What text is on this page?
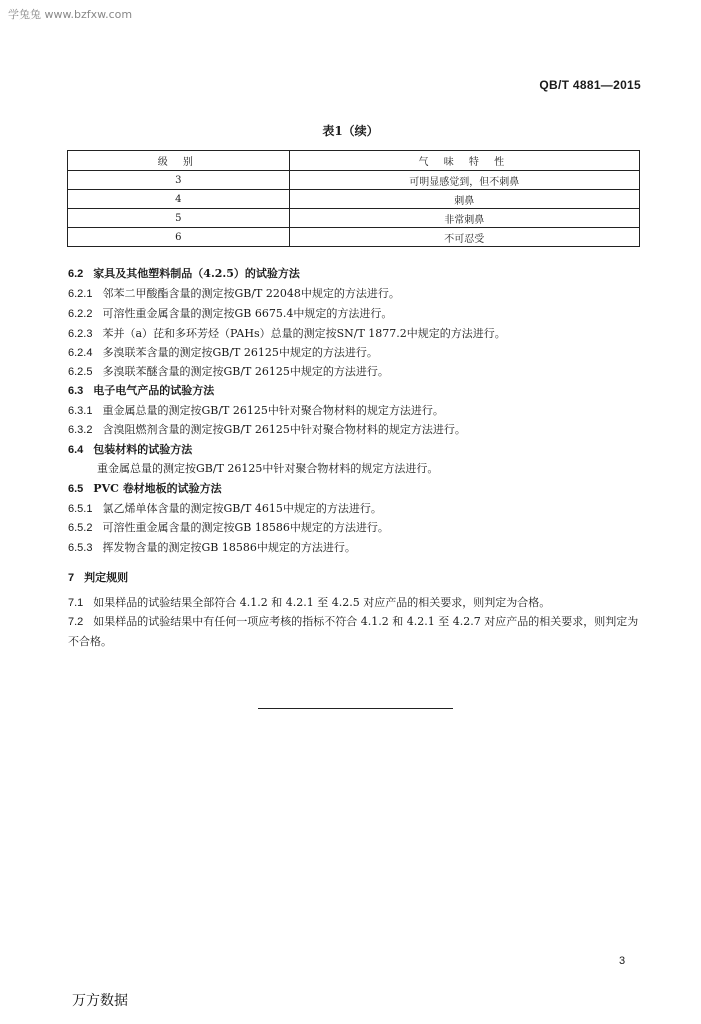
学兔兔 www.bzfxw.com
QB/T 4881—2015
表1（续）
级 别	气 味 特 性
3	可明显感觉到，但不刺鼻
4	刺鼻
5	非常刺鼻
6	不可忍受
6.2 家具及其他塑料制品（4.2.5）的试验方法
6.2.1 邻苯二甲酸酯含量的测定按GB/T 22048中规定的方法进行。
6.2.2 可溶性重金属含量的测定按GB 6675.4中规定的方法进行。
6.2.3 苯并（a）芘和多环芳烃（PAHs）总量的测定按SN/T 1877.2中规定的方法进行。
6.2.4 多溴联苯含量的测定按GB/T 26125中规定的方法进行。
6.2.5 多溴联苯醚含量的测定按GB/T 26125中规定的方法进行。
6.3 电子电气产品的试验方法
6.3.1 重金属总量的测定按GB/T 26125中针对聚合物材料的规定方法进行。
6.3.2 含溴阻燃剂含量的测定按GB/T 26125中针对聚合物材料的规定方法进行。
6.4 包装材料的试验方法
重金属总量的测定按GB/T 26125中针对聚合物材料的规定方法进行。
6.5 PVC 卷材地板的试验方法
6.5.1 氯乙烯单体含量的测定按GB/T 4615中规定的方法进行。
6.5.2 可溶性重金属含量的测定按GB 18586中规定的方法进行。
6.5.3 挥发物含量的测定按GB 18586中规定的方法进行。
7 判定规则
7.1 如果样品的试验结果全部符合 4.1.2 和 4.2.1 至 4.2.5 对应产品的相关要求，则判定为合格。
7.2 如果样品的试验结果中有任何一项应考核的指标不符合 4.1.2 和 4.2.1 至 4.2.7 对应产品的相关要求，则判定为不合格。
3
万方数据
